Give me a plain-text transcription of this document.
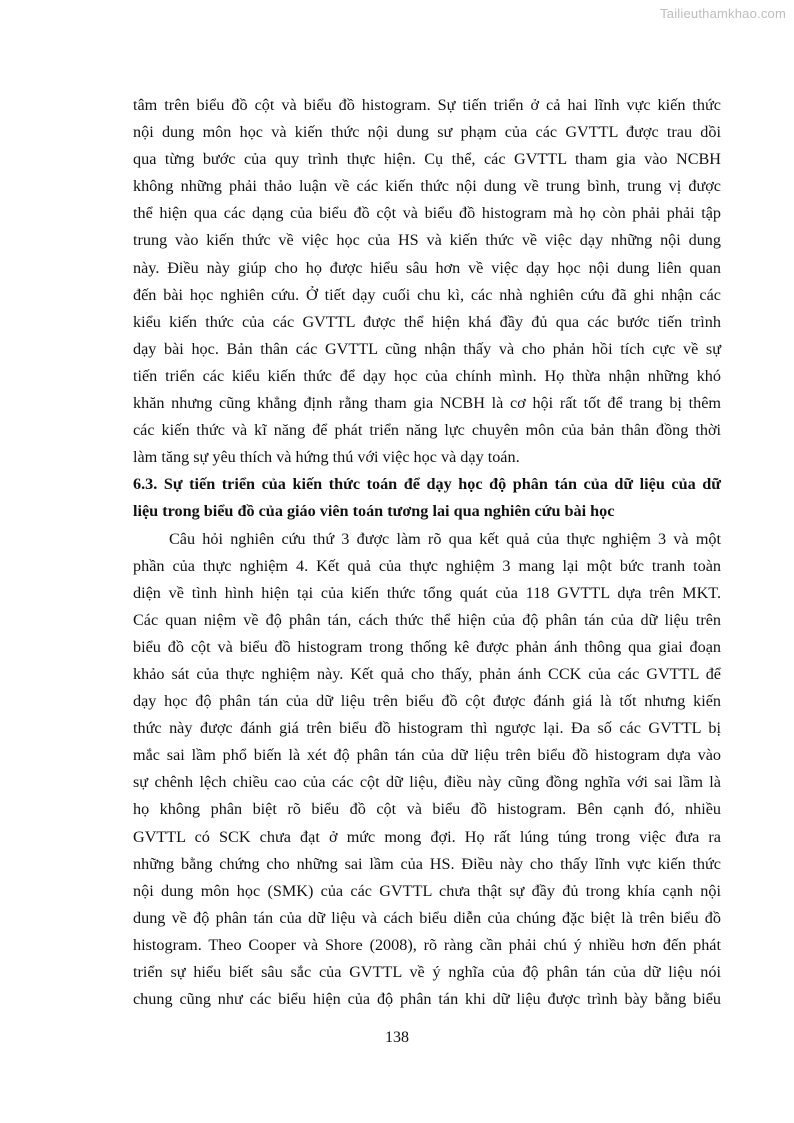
Tailieuthamkhao.com
tâm trên biểu đồ cột và biểu đồ histogram. Sự tiến triển ở cả hai lĩnh vực kiến thức
nội dung môn học và kiến thức nội dung sư phạm của các GVTTL được trau dồi
qua từng bước của quy trình thực hiện. Cụ thể, các GVTTL tham gia vào NCBH
không những phải thảo luận về các kiến thức nội dung về trung bình, trung vị được
thể hiện qua các dạng của biểu đồ cột và biểu đồ histogram mà họ còn phải phải tập
trung vào kiến thức về việc học của HS và kiến thức về việc dạy những nội dung
này. Điều này giúp cho họ được hiểu sâu hơn về việc dạy học nội dung liên quan
đến bài học nghiên cứu. Ở tiết dạy cuối chu kì, các nhà nghiên cứu đã ghi nhận các
kiểu kiến thức của các GVTTL được thể hiện khá đầy đủ qua các bước tiến trình
dạy bài học. Bản thân các GVTTL cũng nhận thấy và cho phản hồi tích cực về sự
tiến triển các kiểu kiến thức để dạy học của chính mình. Họ thừa nhận những khó
khăn nhưng cũng khẳng định rằng tham gia NCBH là cơ hội rất tốt để trang bị thêm
các kiến thức và kĩ năng để phát triển năng lực chuyên môn của bản thân đồng thời
làm tăng sự yêu thích và hứng thú với việc học và dạy toán.
6.3. Sự tiến triển của kiến thức toán để dạy học độ phân tán của dữ liệu của dữ
liệu trong biểu đồ của giáo viên toán tương lai qua nghiên cứu bài học
Câu hỏi nghiên cứu thứ 3 được làm rõ qua kết quả của thực nghiệm 3 và một
phần của thực nghiệm 4. Kết quả của thực nghiệm 3 mang lại một bức tranh toàn
diện về tình hình hiện tại của kiến thức tổng quát của 118 GVTTL dựa trên MKT.
Các quan niệm về độ phân tán, cách thức thể hiện của độ phân tán của dữ liệu trên
biểu đồ cột và biểu đồ histogram trong thống kê được phản ánh thông qua giai đoạn
khảo sát của thực nghiệm này. Kết quả cho thấy, phản ánh CCK của các GVTTL để
dạy học độ phân tán của dữ liệu trên biểu đồ cột được đánh giá là tốt nhưng kiến
thức này được đánh giá trên biểu đồ histogram thì ngược lại. Đa số các GVTTL bị
mắc sai lầm phổ biến là xét độ phân tán của dữ liệu trên biểu đồ histogram dựa vào
sự chênh lệch chiều cao của các cột dữ liệu, điều này cũng đồng nghĩa với sai lầm là
họ không phân biệt rõ biểu đồ cột và biểu đồ histogram. Bên cạnh đó, nhiều
GVTTL có SCK chưa đạt ở mức mong đợi. Họ rất lúng túng trong việc đưa ra
những bằng chứng cho những sai lầm của HS. Điều này cho thấy lĩnh vực kiến thức
nội dung môn học (SMK) của các GVTTL chưa thật sự đầy đủ trong khía cạnh nội
dung về độ phân tán của dữ liệu và cách biểu diễn của chúng đặc biệt là trên biểu đồ
histogram. Theo Cooper và Shore (2008), rõ ràng cần phải chú ý nhiều hơn đến phát
triển sự hiểu biết sâu sắc của GVTTL về ý nghĩa của độ phân tán của dữ liệu nói
chung cũng như các biểu hiện của độ phân tán khi dữ liệu được trình bày bằng biểu
138
